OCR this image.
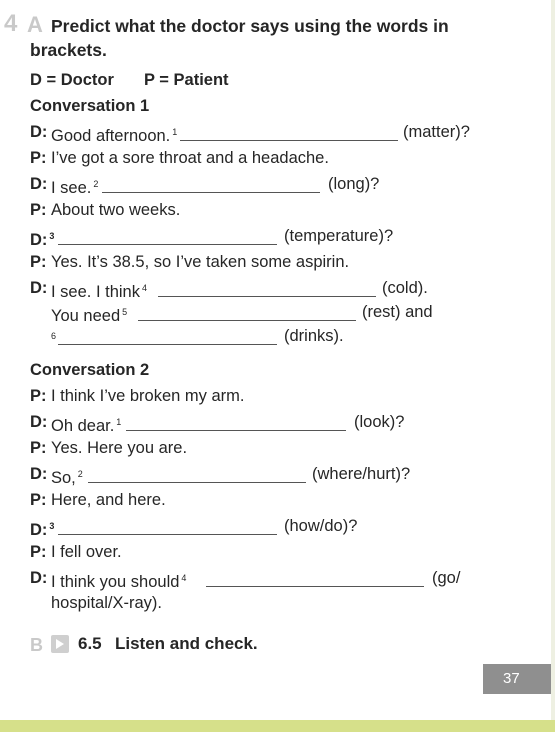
4 A Predict what the doctor says using the words in
brackets.
D = Doctor P = Patient
Conversation 1
D: Good afternoon. $^1$	(matter)?
P: I’ve got a sore throat and a headache.
D: I see. $^2$	(long)?
P: About two weeks.
D: $^3$	(temperature)?
P: Yes. It’s 38.5, so I’ve taken some aspirin.
D: I see. I think $^4$	(cold).
You need $^5$	(rest) and
$^6$	(drinks).
Conversation 2
P: I think I’ve broken my arm.
D: Oh dear. $^1$	(look)?
P: Yes. Here you are.
D: So, $^2$	(where/hurt)?
P: Here, and here.
D: $^3$	(how/do)?
P: I fell over.
D: I think you should $^4$	(go/
hospital/X-ray).
B 6.5 Listen and check.
37
